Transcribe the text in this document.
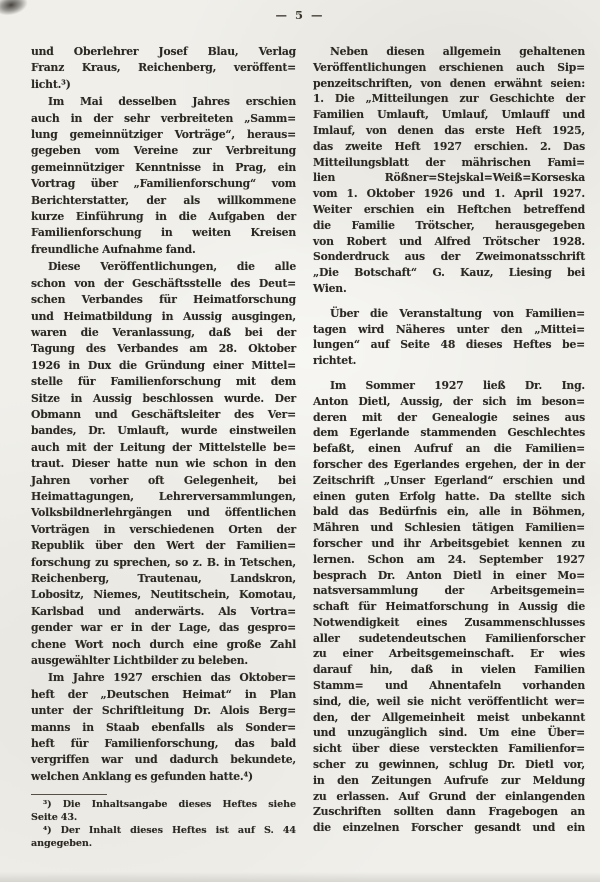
— 5 —
und Oberlehrer Josef Blau, Verlag
Franz Kraus, Reichenberg, veröffent=
licht.³)
Im Mai desselben Jahres erschien
auch in der sehr verbreiteten „Samm=
lung gemeinnütziger Vorträge“, heraus=
gegeben vom Vereine zur Verbreitung
gemeinnütziger Kenntnisse in Prag, ein
Vortrag über „Familienforschung“ vom
Berichterstatter, der als willkommene
kurze Einführung in die Aufgaben der
Familienforschung in weiten Kreisen
freundliche Aufnahme fand.
Diese Veröffentlichungen, die alle
schon von der Geschäftsstelle des Deut=
schen Verbandes für Heimatforschung
und Heimatbildung in Aussig ausgingen,
waren die Veranlassung, daß bei der
Tagung des Verbandes am 28. Oktober
1926 in Dux die Gründung einer Mittel=
stelle für Familienforschung mit dem
Sitze in Aussig beschlossen wurde. Der
Obmann und Geschäftsleiter des Ver=
bandes, Dr. Umlauft, wurde einstweilen
auch mit der Leitung der Mittelstelle be=
traut. Dieser hatte nun wie schon in den
Jahren vorher oft Gelegenheit, bei
Heimattagungen, Lehrerversammlungen,
Volksbildnerlehrgängen und öffentlichen
Vorträgen in verschiedenen Orten der
Republik über den Wert der Familien=
forschung zu sprechen, so z. B. in Tetschen,
Reichenberg, Trautenau, Landskron,
Lobositz, Niemes, Neutitschein, Komotau,
Karlsbad und anderwärts. Als Vortra=
gender war er in der Lage, das gespro=
chene Wort noch durch eine große Zahl
ausgewählter Lichtbilder zu beleben.
Im Jahre 1927 erschien das Oktober=
heft der „Deutschen Heimat“ in Plan
unter der Schriftleitung Dr. Alois Berg=
manns in Staab ebenfalls als Sonder=
heft für Familienforschung, das bald
vergriffen war und dadurch bekundete,
welchen Anklang es gefunden hatte.⁴)
³) Die Inhaltsangabe dieses Heftes siehe
Seite 43.
⁴) Der Inhalt dieses Heftes ist auf S. 44
angegeben.
Neben diesen allgemein gehaltenen
Veröffentlichungen erschienen auch Sip=
penzeitschriften, von denen erwähnt seien:
1. Die „Mitteilungen zur Geschichte der
Familien Umlauft, Umlauf, Umlauff und
Imlauf, von denen das erste Heft 1925,
das zweite Heft 1927 erschien. 2. Das
Mitteilungsblatt der mährischen Fami=
lien Rößner=Stejskal=Weiß=Korseska
vom 1. Oktober 1926 und 1. April 1927.
Weiter erschien ein Heftchen betreffend
die Familie Trötscher, herausgegeben
von Robert und Alfred Trötscher 1928.
Sonderdruck aus der Zweimonatsschrift
„Die Botschaft“ G. Kauz, Liesing bei
Wien.
Über die Veranstaltung von Familien=
tagen wird Näheres unter den „Mittei=
lungen“ auf Seite 48 dieses Heftes be=
richtet.
Im Sommer 1927 ließ Dr. Ing.
Anton Dietl, Aussig, der sich im beson=
deren mit der Genealogie seines aus
dem Egerlande stammenden Geschlechtes
befaßt, einen Aufruf an die Familien=
forscher des Egerlandes ergehen, der in der
Zeitschrift „Unser Egerland“ erschien und
einen guten Erfolg hatte. Da stellte sich
bald das Bedürfnis ein, alle in Böhmen,
Mähren und Schlesien tätigen Familien=
forscher und ihr Arbeitsgebiet kennen zu
lernen. Schon am 24. September 1927
besprach Dr. Anton Dietl in einer Mo=
natsversammlung der Arbeitsgemein=
schaft für Heimatforschung in Aussig die
Notwendigkeit eines Zusammenschlusses
aller sudetendeutschen Familienforscher
zu einer Arbeitsgemeinschaft. Er wies
darauf hin, daß in vielen Familien
Stamm= und Ahnentafeln vorhanden
sind, die, weil sie nicht veröffentlicht wer=
den, der Allgemeinheit meist unbekannt
und unzugänglich sind. Um eine Über=
sicht über diese versteckten Familienfor=
scher zu gewinnen, schlug Dr. Dietl vor,
in den Zeitungen Aufrufe zur Meldung
zu erlassen. Auf Grund der einlangenden
Zuschriften sollten dann Fragebogen an
die einzelnen Forscher gesandt und ein
